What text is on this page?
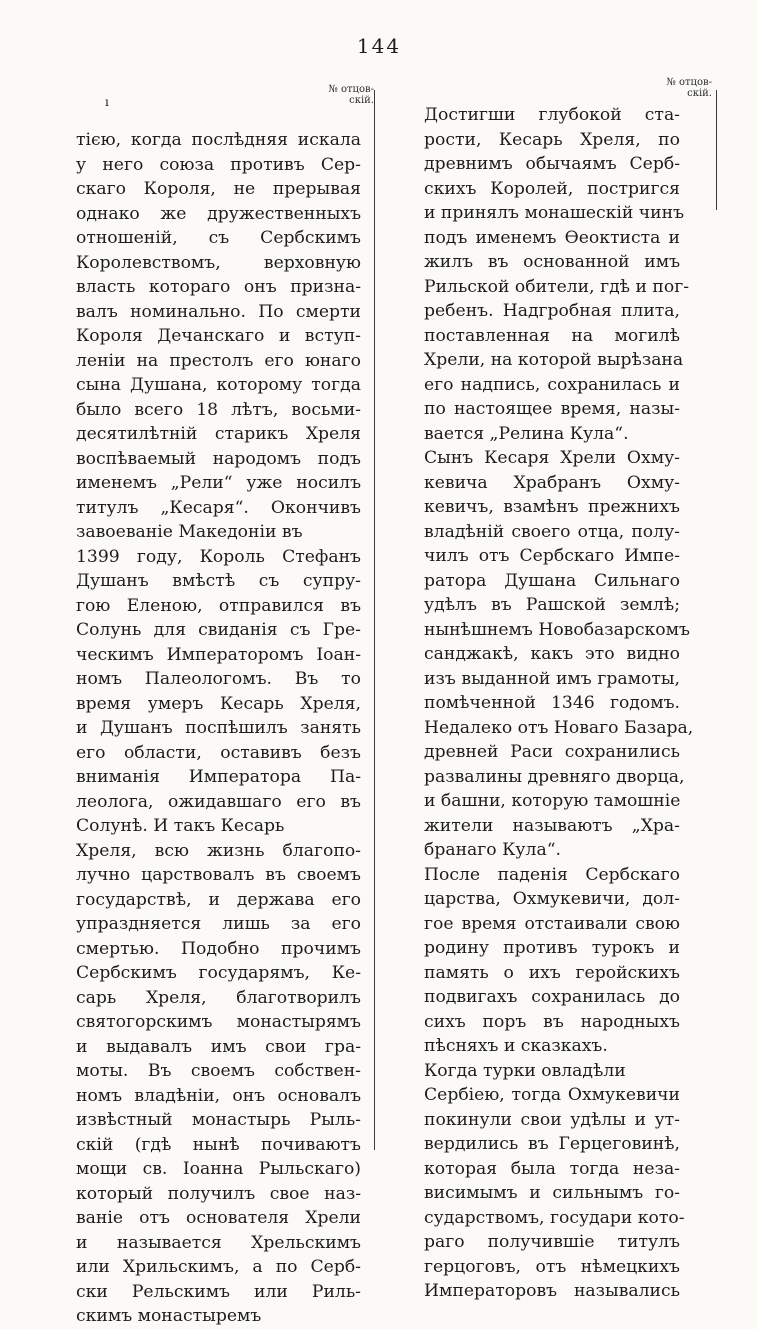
144
ı
№ отцов-
скій.
№ отцов-
скій.
тією, когда послѣдняя искала
у него союза противъ Сер-
скаго Короля, не прерывая
однако же дружественныхъ
отношеній, съ Сербскимъ
Королевствомъ, верховную
власть котораго онъ призна-
валъ номинально. По смерти
Короля Дечанскаго и вступ-
леніи на престолъ его юнаго
сына Душана, которому тогда
было всего 18 лѣтъ, восьми-
десятилѣтній старикъ Хреля
воспѣваемый народомъ подъ
именемъ „Рели“ уже носилъ
титулъ „Кесаря“. Окончивъ
завоеваніе Македоніи въ
1399 году, Король Стефанъ
Душанъ вмѣстѣ съ супру-
гою Еленою, отправился въ
Солунь для свиданія съ Гре-
ческимъ Императоромъ Іоан-
номъ Палеологомъ. Въ то
время умеръ Кесарь Хреля,
и Душанъ поспѣшилъ занять
его области, оставивъ безъ
вниманія Императора Па-
леолога, ожидавшаго его въ
Солунѣ. И такъ Кесарь
Хреля, всю жизнь благопо-
лучно царствовалъ въ своемъ
государствѣ, и держава его
упраздняется лишь за его
смертью. Подобно прочимъ
Сербскимъ государямъ, Ке-
сарь Хреля, благотворилъ
святогорскимъ монастырямъ
и выдавалъ имъ свои гра-
моты. Въ своемъ собствен-
номъ владѣніи, онъ основалъ
извѣстный монастырь Рыль-
скій (гдѣ нынѣ почиваютъ
мощи св. Іоанна Рыльскаго)
который получилъ свое наз-
ваніе отъ основателя Хрели
и называется Хрельскимъ
или Хрильскимъ, а по Серб-
ски Рельскимъ или Риль-
скимъ монастыремъ
Достигши глубокой ста-
рости, Кесарь Хреля, по
древнимъ обычаямъ Серб-
скихъ Королей, постригся
и принялъ монашескій чинъ
подъ именемъ Ѳеоктиста и
жилъ въ основанной имъ
Рильской обители, гдѣ и пог-
ребенъ. Надгробная плита,
поставленная на могилѣ
Хрели, на которой вырѣзана
его надпись, сохранилась и
по настоящее время, назы-
вается „Релина Кула“.
Сынъ Кесаря Хрели Охму-
кевича Храбранъ Охму-
кевичъ, взамѣнъ прежнихъ
владѣній своего отца, полу-
чилъ отъ Сербскаго Импе-
ратора Душана Сильнаго
удѣлъ въ Рашской землѣ;
нынѣшнемъ Новобазарскомъ
санджакѣ, какъ это видно
изъ выданной имъ грамоты,
помѣченной 1346 годомъ.
Недалеко отъ Новаго Базара,
древней Раси сохранились
развалины древняго дворца,
и башни, которую тамошніе
жители называютъ „Хра-
бранаго Кула“.
После паденія Сербскаго
царства, Охмукевичи, дол-
гое время отстаивали свою
родину противъ турокъ и
память о ихъ геройскихъ
подвигахъ сохранилась до
сихъ поръ въ народныхъ
пѣсняхъ и сказкахъ.
Когда турки овладѣли
Сербіею, тогда Охмукевичи
покинули свои удѣлы и ут-
вердились въ Герцеговинѣ,
которая была тогда неза-
висимымъ и сильнымъ го-
сударствомъ, государи кото-
раго получившіе титулъ
герцоговъ, отъ нѣмецкихъ
Императоровъ назывались
